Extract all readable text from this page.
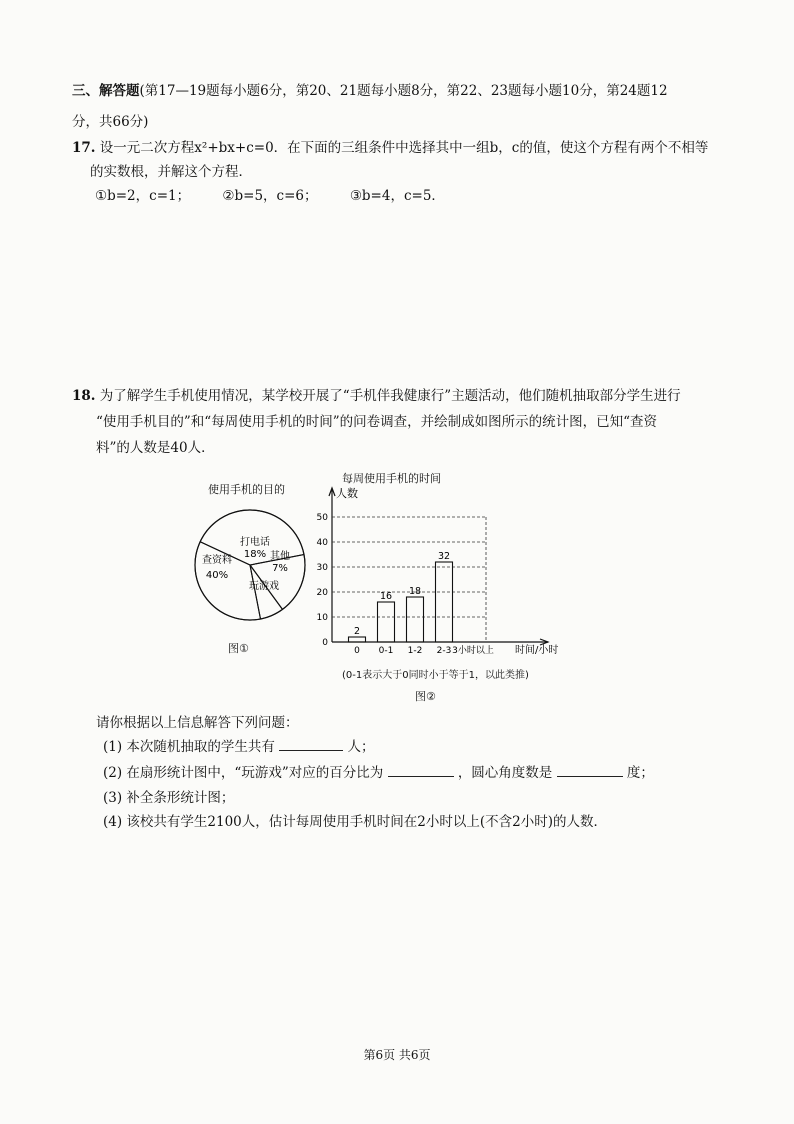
三、解答题(第17—19题每小题6分，第20、21题每小题8分，第22、23题每小题10分，第24题12
分，共66分)
17. 设一元二次方程x²+bx+c=0．在下面的三组条件中选择其中一组b，c的值，使这个方程有两个不相等
的实数根，并解这个方程．
①b=2，c=1； ②b=5，c=6； ③b=4，c=5．
18. 为了解学生手机使用情况，某学校开展了“手机伴我健康行”主题活动，他们随机抽取部分学生进行
“使用手机目的”和“每周使用手机的时间”的问卷调查，并绘制成如图所示的统计图，已知“查资
料”的人数是40人．
使用手机的目的
查资料
40%
打电话
18% 其他
7%
玩游戏
图①
每周使用手机的时间
人数
时间/小时
0
10
20
30
40
50
2
0
16
0-1
18
1-2
32
2-3 3小时以上
(0-1表示大于0同时小于等于1，以此类推)
图②
请你根据以上信息解答下列问题：
(1) 本次随机抽取的学生共有	人；
(2) 在扇形统计图中，“玩游戏”对应的百分比为	，圆心角度数是	度；
(3) 补全条形统计图；
(4) 该校共有学生2100人，估计每周使用手机时间在2小时以上(不含2小时)的人数．
第6页 共6页
